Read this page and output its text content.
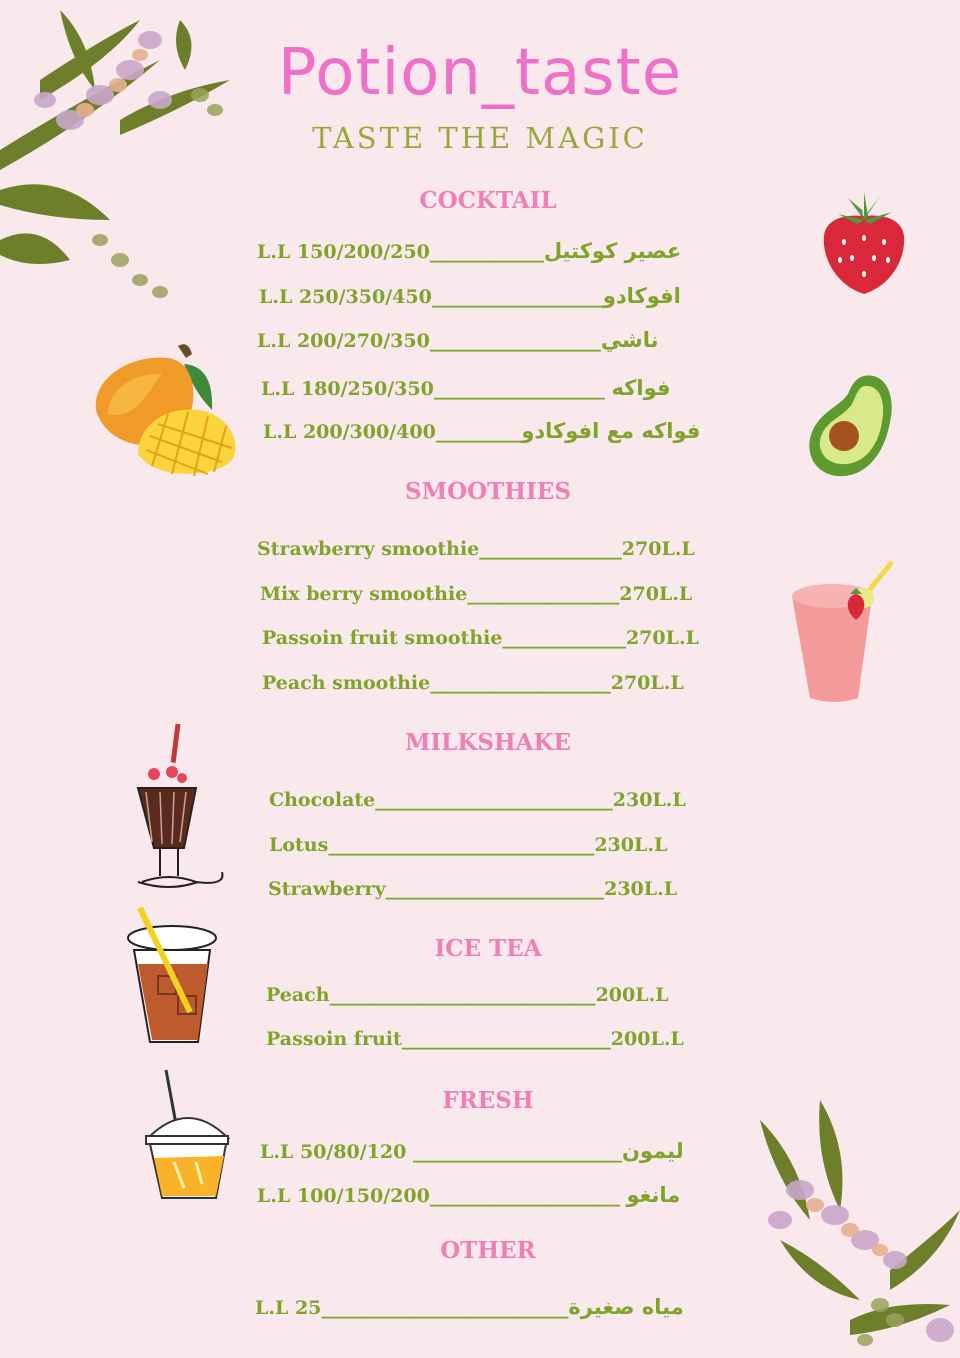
Potion_taste
TASTE THE MAGIC
COCKTAIL
L.L 150/200/250____________عصير كوكتيل
L.L 250/350/450__________________افوكادو
L.L 200/270/350__________________ناشي
L.L 180/250/350__________________ فواكه
L.L 200/300/400_________فواكه مع افوكادو
SMOOTHIES
Strawberry smoothie_______________270L.L
Mix berry smoothie________________270L.L
Passoin fruit smoothie_____________270L.L
Peach smoothie___________________270L.L
MILKSHAKE
Chocolate_________________________230L.L
Lotus____________________________230L.L
Strawberry_______________________230L.L
ICE TEA
Peach____________________________200L.L
Passoin fruit______________________200L.L
FRESH
L.L 50/80/120 ______________________ليمون
L.L 100/150/200____________________ مانغو
OTHER
L.L 25__________________________مياه صغيرة
